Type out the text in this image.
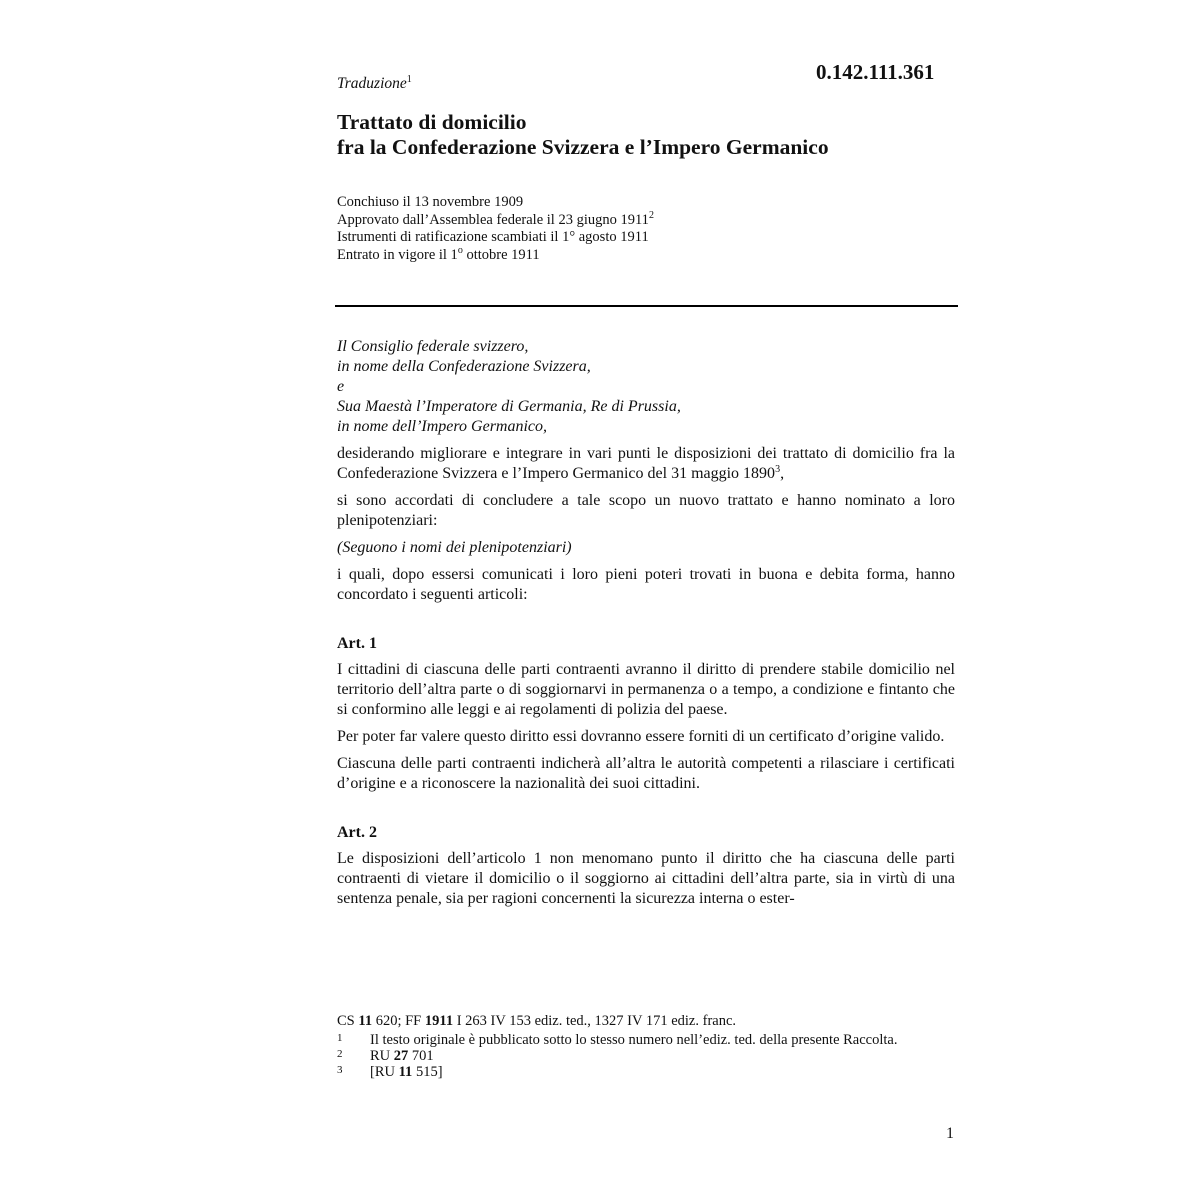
0.142.111.361
Traduzione$^1$
Trattato di domicilio
fra la Confederazione Svizzera e l’Impero Germanico
Conchiuso il 13 novembre 1909
Approvato dall’Assemblea federale il 23 giugno 1911$^2$
Istrumenti di ratificazione scambiati il 1° agosto 1911
Entrato in vigore il 1$^o$ ottobre 1911
Il Consiglio federale svizzero,
in nome della Confederazione Svizzera,
e
Sua Maestà l’Imperatore di Germania, Re di Prussia,
in nome dell’Impero Germanico,

desiderando migliorare e integrare in vari punti le disposizioni dei trattato di domicilio fra la Confederazione Svizzera e l’Impero Germanico del 31 maggio 1890$^3$,

si sono accordati di concludere a tale scopo un nuovo trattato e hanno nominato a loro plenipotenziari:

(Seguono i nomi dei plenipotenziari)

i quali, dopo essersi comunicati i loro pieni poteri trovati in buona e debita forma, hanno concordato i seguenti articoli:

Art. 1

I cittadini di ciascuna delle parti contraenti avranno il diritto di prendere stabile domicilio nel territorio dell’altra parte o di soggiornarvi in permanenza o a tempo, a condizione e fintanto che si conformino alle leggi e ai regolamenti di polizia del paese.

Per poter far valere questo diritto essi dovranno essere forniti di un certificato d’origine valido.

Ciascuna delle parti contraenti indicherà all’altra le autorità competenti a rilasciare i certificati d’origine e a riconoscere la nazionalità dei suoi cittadini.

Art. 2

Le disposizioni dell’articolo 1 non menomano punto il diritto che ha ciascuna delle parti contraenti di vietare il domicilio o il soggiorno ai cittadini dell’altra parte, sia in virtù di una sentenza penale, sia per ragioni concernenti la sicurezza interna o ester-

CS 11 620; FF 1911 I 263 IV 153 ediz. ted., 1327 IV 171 ediz. franc.
1	Il testo originale è pubblicato sotto lo stesso numero nell’ediz. ted. della presente Raccolta.
2	RU 27 701
3	[RU 11 515]
1
